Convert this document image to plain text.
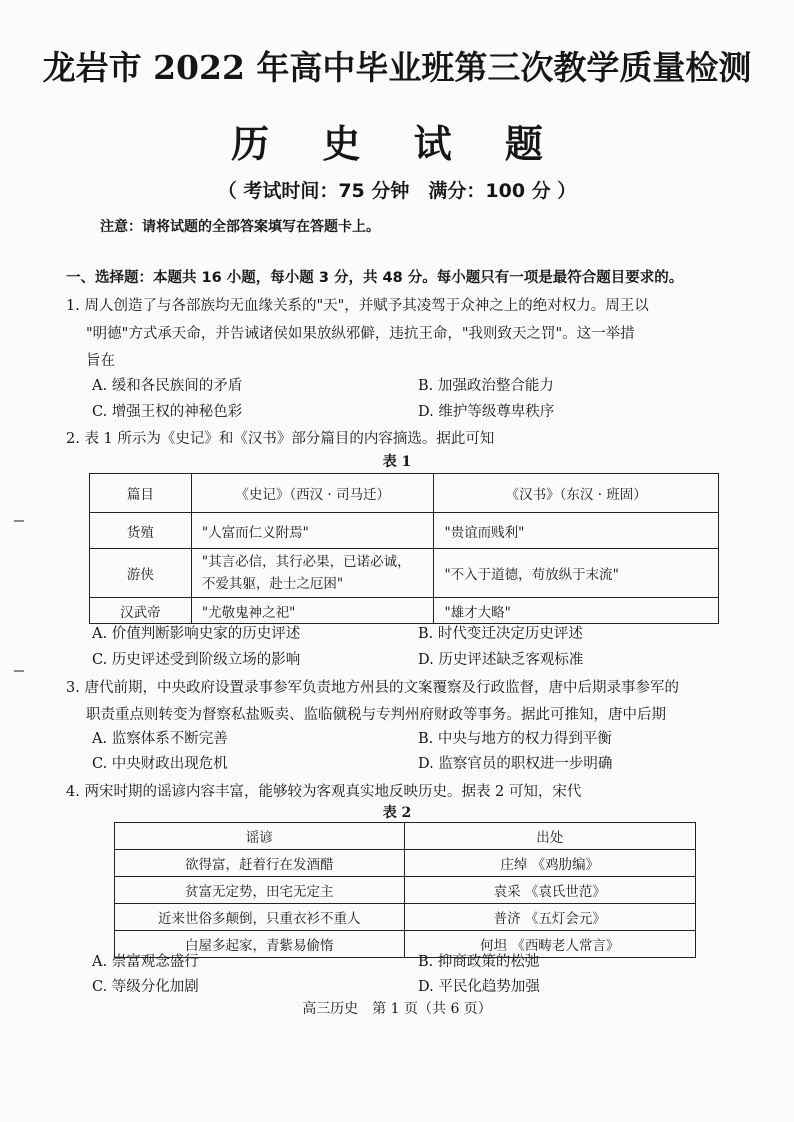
龙岩市 2022 年高中毕业班第三次教学质量检测
历 史 试 题
（ 考试时间：75 分钟　满分：100 分 ）
注意：请将试题的全部答案填写在答题卡上。
一、选择题：本题共 16 小题，每小题 3 分，共 48 分。每小题只有一项是最符合题目要求的。
1. 周人创造了与各部族均无血缘关系的"天"，并赋予其凌驾于众神之上的绝对权力。周王以
"明德"方式承天命，并告诫诸侯如果放纵邪僻，违抗王命，"我则致天之罚"。这一举措
旨在
A. 缓和各民族间的矛盾	B. 加强政治整合能力
C. 增强王权的神秘色彩	D. 维护等级尊卑秩序
2. 表 1 所示为《史记》和《汉书》部分篇目的内容摘选。据此可知
表 1
篇目	《史记》（西汉 · 司马迁）	《汉书》（东汉 · 班固）
货殖	"人富而仁义附焉"	"贵谊而贱利"
游侠	"其言必信，其行必果，已诺必诚，不爱其躯，赴士之厄困"	"不入于道德，苟放纵于末流"
汉武帝	"尤敬鬼神之祀"	"雄才大略"
A. 价值判断影响史家的历史评述	B. 时代变迁决定历史评述
C. 历史评述受到阶级立场的影响	D. 历史评述缺乏客观标准
3. 唐代前期，中央政府设置录事参军负责地方州县的文案覆察及行政监督，唐中后期录事参军的
职责重点则转变为督察私盐贩卖、监临僦税与专判州府财政等事务。据此可推知，唐中后期
A. 监察体系不断完善	B. 中央与地方的权力得到平衡
C. 中央财政出现危机	D. 监察官员的职权进一步明确
4. 两宋时期的谣谚内容丰富，能够较为客观真实地反映历史。据表 2 可知，宋代
表 2
谣谚	出处
欲得富，赶着行在发酒醋	庄绰 《鸡肋编》
贫富无定势，田宅无定主	袁采 《袁氏世范》
近来世俗多颠倒，只重衣衫不重人	普济 《五灯会元》
白屋多起家，青紫易偷惰	何坦 《西畴老人常言》
A. 崇富观念盛行	B. 抑商政策的松弛
C. 等级分化加剧	D. 平民化趋势加强
高三历史　第 1 页（共 6 页）
